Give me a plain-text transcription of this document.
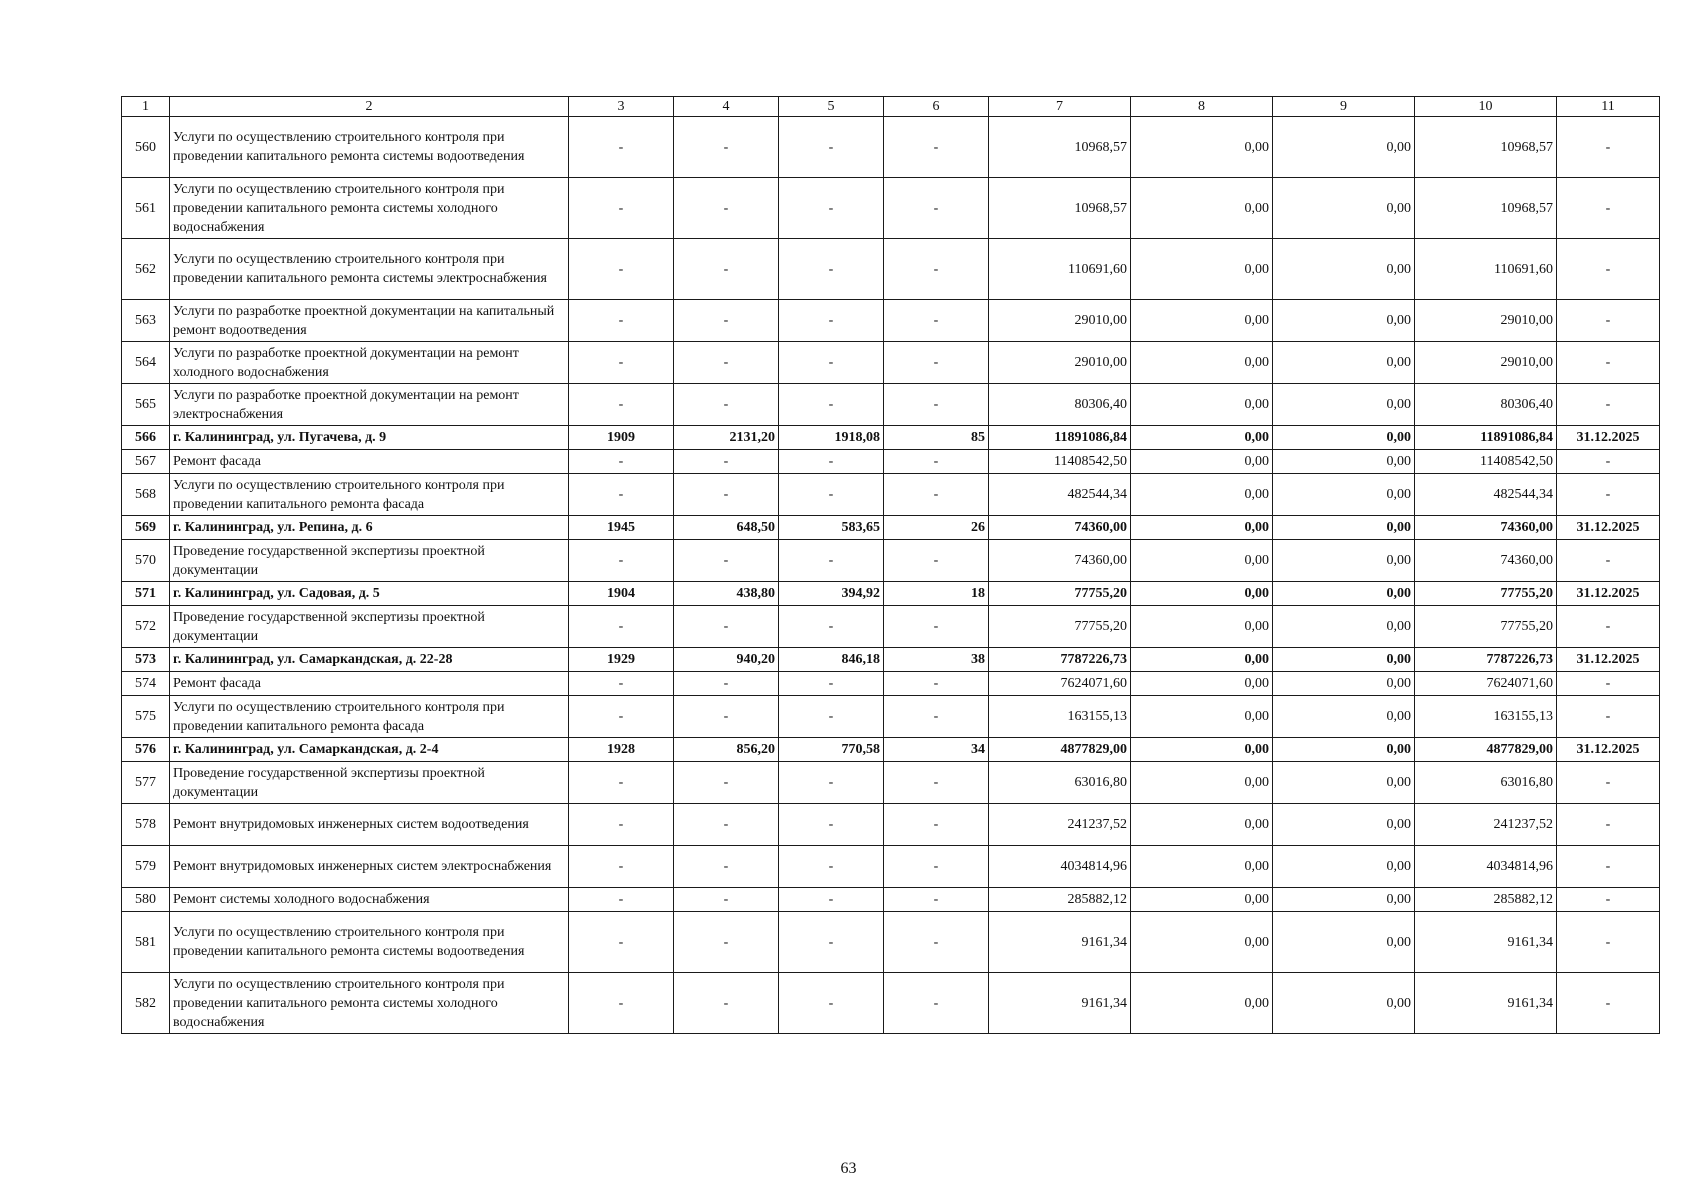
1	2	3	4	5	6	7	8	9	10	11
560	Услуги по осуществлению строительного контроля при проведении капитального ремонта системы водоотведения	-	-	-	-	10968,57	0,00	0,00	10968,57	-
561	Услуги по осуществлению строительного контроля при проведении капитального ремонта системы холодного водоснабжения	-	-	-	-	10968,57	0,00	0,00	10968,57	-
562	Услуги по осуществлению строительного контроля при проведении капитального ремонта системы электроснабжения	-	-	-	-	110691,60	0,00	0,00	110691,60	-
563	Услуги по разработке проектной документации на капитальный ремонт водоотведения	-	-	-	-	29010,00	0,00	0,00	29010,00	-
564	Услуги по разработке проектной документации на ремонт холодного водоснабжения	-	-	-	-	29010,00	0,00	0,00	29010,00	-
565	Услуги по разработке проектной документации на ремонт электроснабжения	-	-	-	-	80306,40	0,00	0,00	80306,40	-
566	г. Калининград, ул. Пугачева, д. 9	1909	2131,20	1918,08	85	11891086,84	0,00	0,00	11891086,84	31.12.2025
567	Ремонт фасада	-	-	-	-	11408542,50	0,00	0,00	11408542,50	-
568	Услуги по осуществлению строительного контроля при проведении капитального ремонта фасада	-	-	-	-	482544,34	0,00	0,00	482544,34	-
569	г. Калининград, ул. Репина, д. 6	1945	648,50	583,65	26	74360,00	0,00	0,00	74360,00	31.12.2025
570	Проведение государственной экспертизы проектной документации	-	-	-	-	74360,00	0,00	0,00	74360,00	-
571	г. Калининград, ул. Садовая, д. 5	1904	438,80	394,92	18	77755,20	0,00	0,00	77755,20	31.12.2025
572	Проведение государственной экспертизы проектной документации	-	-	-	-	77755,20	0,00	0,00	77755,20	-
573	г. Калининград, ул. Самаркандская, д. 22-28	1929	940,20	846,18	38	7787226,73	0,00	0,00	7787226,73	31.12.2025
574	Ремонт фасада	-	-	-	-	7624071,60	0,00	0,00	7624071,60	-
575	Услуги по осуществлению строительного контроля при проведении капитального ремонта фасада	-	-	-	-	163155,13	0,00	0,00	163155,13	-
576	г. Калининград, ул. Самаркандская, д. 2-4	1928	856,20	770,58	34	4877829,00	0,00	0,00	4877829,00	31.12.2025
577	Проведение государственной экспертизы проектной документации	-	-	-	-	63016,80	0,00	0,00	63016,80	-
578	Ремонт внутридомовых инженерных систем водоотведения	-	-	-	-	241237,52	0,00	0,00	241237,52	-
579	Ремонт внутридомовых инженерных систем электроснабжения	-	-	-	-	4034814,96	0,00	0,00	4034814,96	-
580	Ремонт системы холодного водоснабжения	-	-	-	-	285882,12	0,00	0,00	285882,12	-
581	Услуги по осуществлению строительного контроля при проведении капитального ремонта системы водоотведения	-	-	-	-	9161,34	0,00	0,00	9161,34	-
582	Услуги по осуществлению строительного контроля при проведении капитального ремонта системы холодного водоснабжения	-	-	-	-	9161,34	0,00	0,00	9161,34	-
63
